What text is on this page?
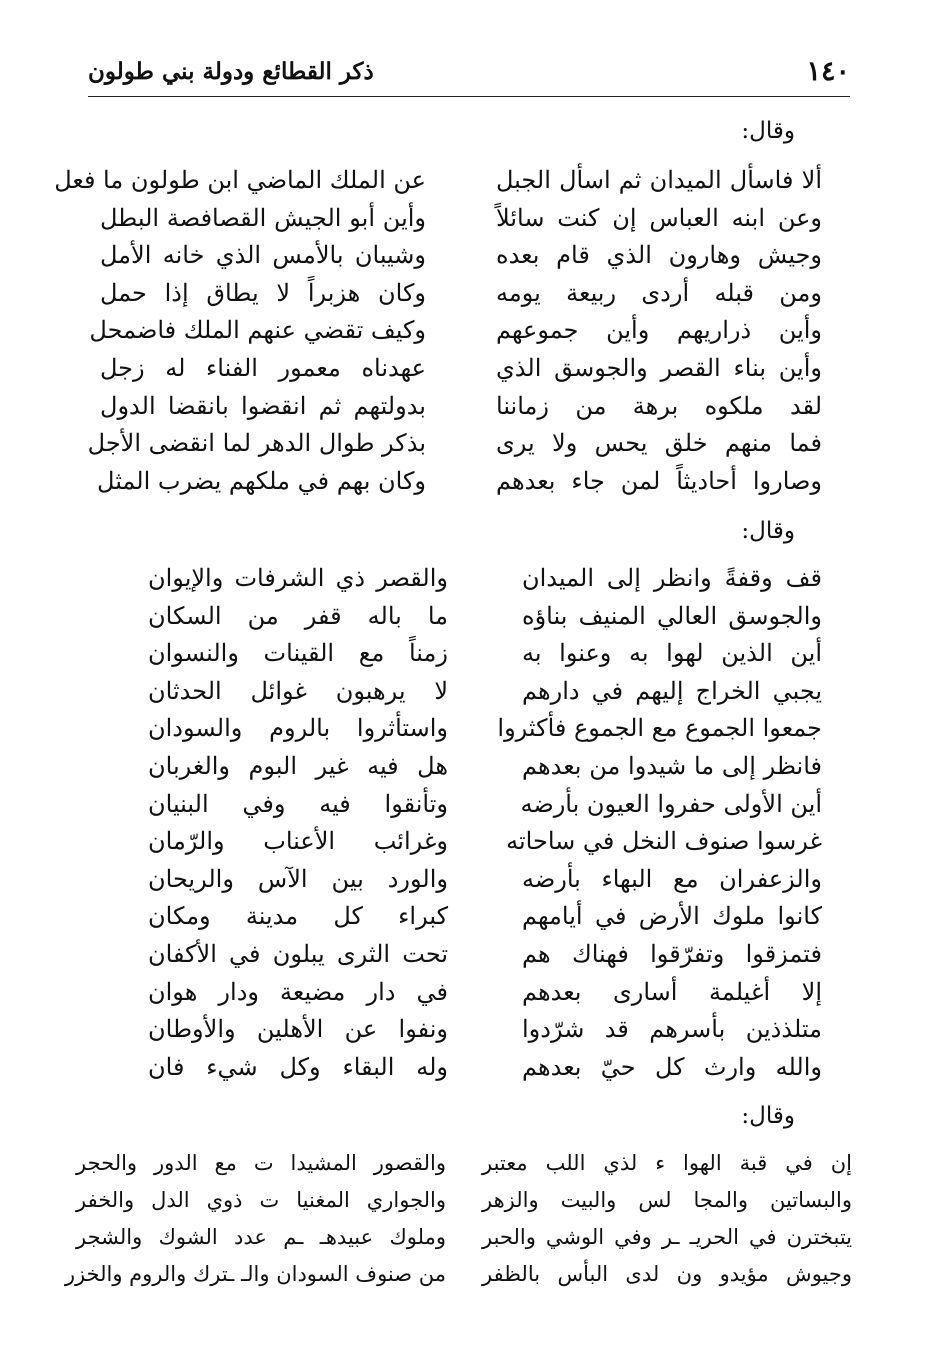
ذكر القطائع ودولة بني طولون	١٤٠
وقال:
عن الملك الماضي ابن طولون ما فعل
وأين أبو الجيش القصافصة البطل
وشيبان بالأمس الذي خانه الأمل
وكان هزبراً لا يطاق إذا حمل
وكيف تقضي عنهم الملك فاضمحل
عهدناه معمور الفناء له زجل
بدولتهم ثم انقضوا بانقضا الدول
بذكر طوال الدهر لما انقضى الأجل
وكان بهم في ملكهم يضرب المثل
ألا فاسأل الميدان ثم اسأل الجبل
وعن ابنه العباس إن كنت سائلاً
وجيش وهارون الذي قام بعده
ومن قبله أردى ربيعة يومه
وأين ذراريهم وأين جموعهم
وأين بناء القصر والجوسق الذي
لقد ملكوه برهة من زماننا
فما منهم خلق يحس ولا يرى
وصاروا أحاديثاً لمن جاء بعدهم
وقال:
والقصر ذي الشرفات والإيوان
ما باله قفر من السكان
زمناً مع القينات والنسوان
لا يرهبون غوائل الحدثان
واستأثروا بالروم والسودان
هل فيه غير البوم والغربان
وتأنقوا فيه وفي البنيان
وغرائب الأعناب والرّمان
والورد بين الآس والريحان
كبراء كل مدينة ومكان
تحت الثرى يبلون في الأكفان
في دار مضيعة ودار هوان
ونفوا عن الأهلين والأوطان
وله البقاء وكل شيء فان
قف وقفةً وانظر إلى الميدان
والجوسق العالي المنيف بناؤه
أين الذين لهوا به وعنوا به
يجبي الخراج إليهم في دارهم
جمعوا الجموع مع الجموع فأكثروا
فانظر إلى ما شيدوا من بعدهم
أين الأولى حفروا العيون بأرضه
غرسوا صنوف النخل في ساحاته
والزعفران مع البهاء بأرضه
كانوا ملوك الأرض في أيامهم
فتمزقوا وتفرّقوا فهناك هم
إلا أغيلمة أسارى بعدهم
متلذذين بأسرهم قد شرّدوا
والله وارث كل حيّ بعدهم
وقال:
والقصور المشيدا ت مع الدور والحجر
والجواري المغنيا ت ذوي الدل والخفر
وملوك عبيدهـ ـم عدد الشوك والشجر
من صنوف السودان والـ ـترك والروم والخزر
إن في قبة الهوا ء لذي اللب معتبر
والبساتين والمجا لس والبيت والزهر
يتبخترن في الحريـ ـر وفي الوشي والحبر
وجيوش مؤيدو ون لدى البأس بالظفر
